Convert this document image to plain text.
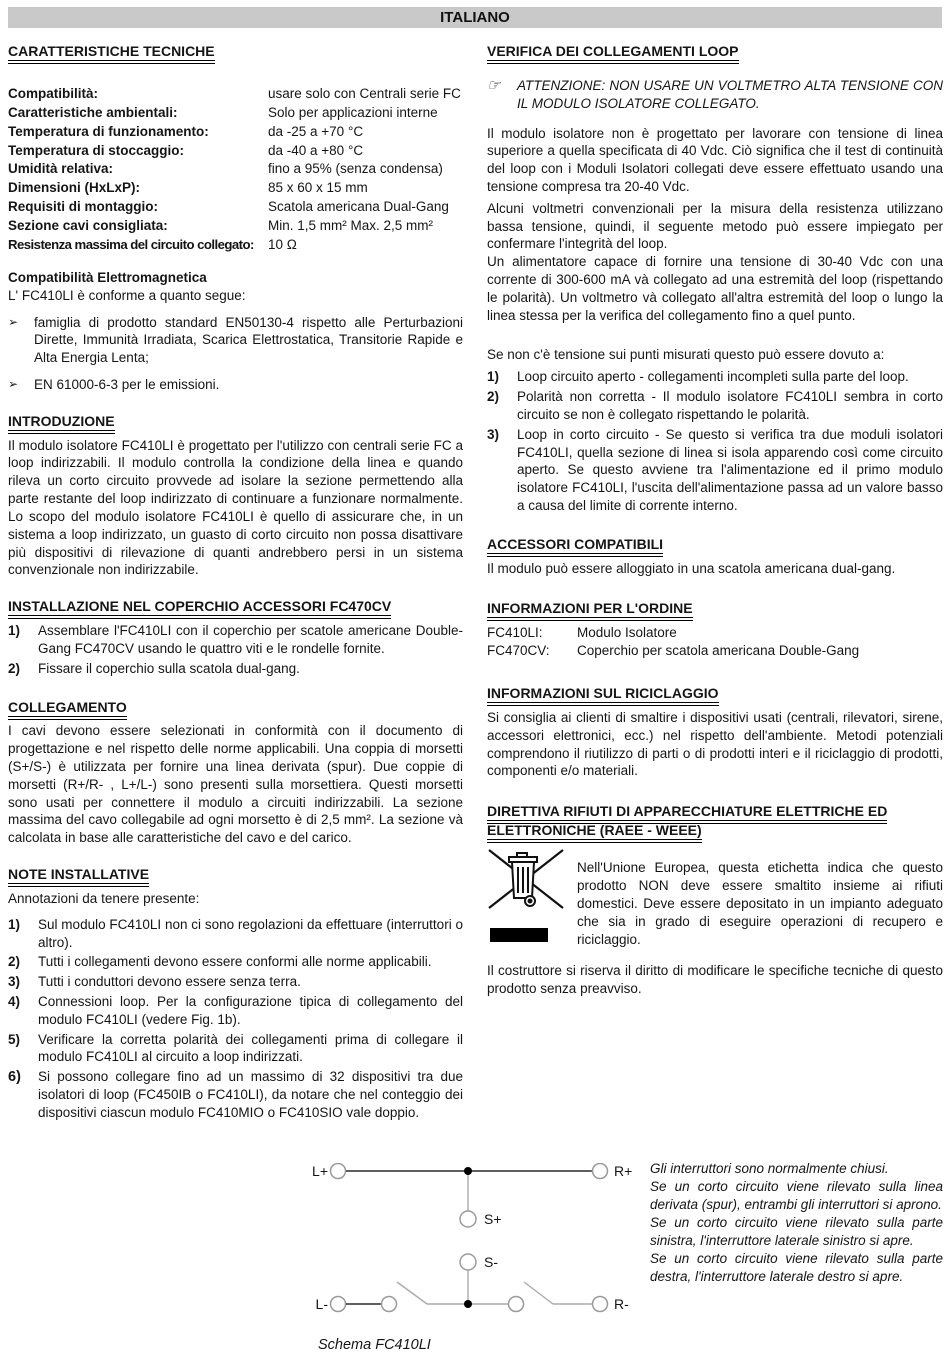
ITALIANO
CARATTERISTICHE TECNICHE
Compatibilità:	usare solo con Centrali serie FC
Caratteristiche ambientali:	Solo per applicazioni interne
Temperatura di funzionamento:	da -25 a +70 °C
Temperatura di stoccaggio:	da -40 a +80 °C
Umidità relativa:	fino a 95% (senza condensa)
Dimensioni (HxLxP):	85 x 60 x 15 mm
Requisiti di montaggio:	Scatola americana Dual-Gang
Sezione cavi consigliata:	Min. 1,5 mm² Max. 2,5 mm²
Resistenza massima del circuito collegato:	10 Ω
Compatibilità Elettromagnetica

L' FC410LI è conforme a quanto segue:

➢	famiglia di prodotto standard EN50130-4 rispetto alle Perturbazioni Dirette, Immunità Irradiata, Scarica Elettrostatica, Transitorie Rapide e Alta Energia Lenta;
➢	EN 61000-6-3 per le emissioni.
INTRODUZIONE

Il modulo isolatore FC410LI è progettato per l'utilizzo con centrali serie FC a loop indirizzabili. Il modulo controlla la condizione della linea e quando rileva un corto circuito provvede ad isolare la sezione permettendo alla parte restante del loop indirizzato di continuare a funzionare normalmente. Lo scopo del modulo isolatore FC410LI è quello di assicurare che, in un sistema a loop indirizzato, un guasto di corto circuito non possa disattivare più dispositivi di rilevazione di quanti andrebbero persi in un sistema convenzionale non indirizzabile.

INSTALLAZIONE NEL COPERCHIO ACCESSORI FC470CV
1)	Assemblare l'FC410LI con il coperchio per scatole americane Double-Gang FC470CV usando le quattro viti e le rondelle fornite.
2)	Fissare il coperchio sulla scatola dual-gang.
COLLEGAMENTO

I cavi devono essere selezionati in conformità con il documento di progettazione e nel rispetto delle norme applicabili. Una coppia di morsetti (S+/S-) è utilizzata per fornire una linea derivata (spur). Due coppie di morsetti (R+/R- , L+/L-) sono presenti sulla morsettiera. Questi morsetti sono usati per connettere il modulo a circuiti indirizzabili. La sezione massima del cavo collegabile ad ogni morsetto è di 2,5 mm². La sezione và calcolata in base alle caratteristiche del cavo e del carico.

NOTE INSTALLATIVE

Annotazioni da tenere presente:

1)	Sul modulo FC410LI non ci sono regolazioni da effettuare (interruttori o altro).
2)	Tutti i collegamenti devono essere conformi alle norme applicabili.
3)	Tutti i conduttori devono essere senza terra.
4)	Connessioni loop. Per la configurazione tipica di collegamento del modulo FC410LI (vedere Fig. 1b).
5)	Verificare la corretta polarità dei collegamenti prima di collegare il modulo FC410LI al circuito a loop indirizzati.
6)	Si possono collegare fino ad un massimo di 32 dispositivi tra due isolatori di loop (FC450IB o FC410LI), da notare che nel conteggio dei dispositivi ciascun modulo FC410MIO o FC410SIO vale doppio.
VERIFICA DEI COLLEGAMENTI LOOP
☞	ATTENZIONE: NON USARE UN VOLTMETRO ALTA TENSIONE CON IL MODULO ISOLATORE COLLEGATO.

Il modulo isolatore non è progettato per lavorare con tensione di linea superiore a quella specificata di 40 Vdc. Ciò significa che il test di continuità del loop con i Moduli Isolatori collegati deve essere effettuato usando una tensione compresa tra 20-40 Vdc.

Alcuni voltmetri convenzionali per la misura della resistenza utilizzano bassa tensione, quindi, il seguente metodo può essere impiegato per confermare l'integrità del loop.

Un alimentatore capace di fornire una tensione di 30-40 Vdc con una corrente di 300-600 mA và collegato ad una estremità del loop (rispettando le polarità). Un voltmetro và collegato all'altra estremità del loop o lungo la linea stessa per la verifica del collegamento fino a quel punto.

Se non c'è tensione sui punti misurati questo può essere dovuto a:

1)	Loop circuito aperto - collegamenti incompleti sulla parte del loop.
2)	Polarità non corretta - Il modulo isolatore FC410LI sembra in corto circuito se non è collegato rispettando le polarità.
3)	Loop in corto circuito - Se questo si verifica tra due moduli isolatori FC410LI, quella sezione di linea si isola apparendo così come circuito aperto. Se questo avviene tra l'alimentazione ed il primo modulo isolatore FC410LI, l'uscita dell'alimentazione passa ad un valore basso a causa del limite di corrente interno.
ACCESSORI COMPATIBILI

Il modulo può essere alloggiato in una scatola americana dual-gang.

INFORMAZIONI PER L'ORDINE
FC410LI:	Modulo Isolatore
FC470CV:	Coperchio per scatola americana Double-Gang
INFORMAZIONI SUL RICICLAGGIO

Si consiglia ai clienti di smaltire i dispositivi usati (centrali, rilevatori, sirene, accessori elettronici, ecc.) nel rispetto dell'ambiente. Metodi potenziali comprendono il riutilizzo di parti o di prodotti interi e il riciclaggio di prodotti, componenti e/o materiali.

DIRETTIVA RIFIUTI DI APPARECCHIATURE ELETTRICHE ED
ELETTRONICHE (RAEE - WEEE)

Nell'Unione Europea, questa etichetta indica che questo prodotto NON deve essere smaltito insieme ai rifiuti domestici. Deve essere depositato in un impianto adeguato che sia in grado di eseguire operazioni di recupero e riciclaggio.

Il costruttore si riserva il diritto di modificare le specifiche tecniche di questo prodotto senza preavviso.

L+	R+
S+
S-
L-	R-
Schema FC410LI

Gli interruttori sono normalmente chiusi.

Se un corto circuito viene rilevato sulla linea derivata (spur), entrambi gli interruttori si aprono.

Se un corto circuito viene rilevato sulla parte sinistra, l'interruttore laterale sinistro si apre.

Se un corto circuito viene rilevato sulla parte destra, l'interruttore laterale destro si apre.
